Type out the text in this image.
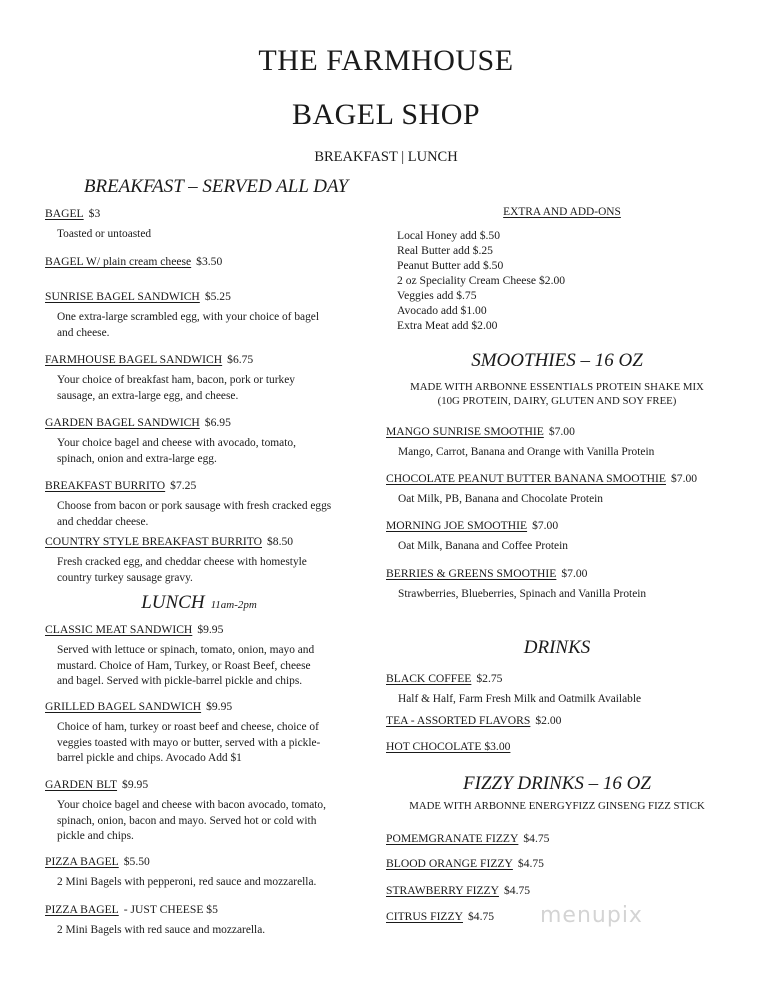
THE FARMHOUSE
BAGEL SHOP
BREAKFAST | LUNCH
BREAKFAST – SERVED ALL DAY
LUNCH 11am-2pm
EXTRA AND ADD-ONS
SMOOTHIES – 16 OZ
DRINKS
FIZZY DRINKS – 16 OZ
menupix
BAGEL $3
Toasted or untoasted
BAGEL W/ plain cream cheese $3.50
SUNRISE BAGEL SANDWICH $5.25
One extra-large scrambled egg, with your choice of bagel
and cheese.
FARMHOUSE BAGEL SANDWICH $6.75
Your choice of breakfast ham, bacon, pork or turkey
sausage, an extra-large egg, and cheese.
GARDEN BAGEL SANDWICH $6.95
Your choice bagel and cheese with avocado, tomato,
spinach, onion and extra-large egg.
BREAKFAST BURRITO $7.25
Choose from bacon or pork sausage with fresh cracked eggs
and cheddar cheese.
COUNTRY STYLE BREAKFAST BURRITO $8.50
Fresh cracked egg, and cheddar cheese with homestyle
country turkey sausage gravy.
CLASSIC MEAT SANDWICH $9.95
Served with lettuce or spinach, tomato, onion, mayo and
mustard. Choice of Ham, Turkey, or Roast Beef, cheese
and bagel. Served with pickle-barrel pickle and chips.
GRILLED BAGEL SANDWICH $9.95
Choice of ham, turkey or roast beef and cheese, choice of
veggies toasted with mayo or butter, served with a pickle-
barrel pickle and chips. Avocado Add $1
GARDEN BLT $9.95
Your choice bagel and cheese with bacon avocado, tomato,
spinach, onion, bacon and mayo. Served hot or cold with
pickle and chips.
PIZZA BAGEL $5.50
2 Mini Bagels with pepperoni, red sauce and mozzarella.
PIZZA BAGEL - JUST CHEESE $5
2 Mini Bagels with red sauce and mozzarella.
MANGO SUNRISE SMOOTHIE $7.00
Mango, Carrot, Banana and Orange with Vanilla Protein
CHOCOLATE PEANUT BUTTER BANANA SMOOTHIE $7.00
Oat Milk, PB, Banana and Chocolate Protein
MORNING JOE SMOOTHIE $7.00
Oat Milk, Banana and Coffee Protein
BERRIES & GREENS SMOOTHIE $7.00
Strawberries, Blueberries, Spinach and Vanilla Protein
BLACK COFFEE $2.75
Half & Half, Farm Fresh Milk and Oatmilk Available
TEA - ASSORTED FLAVORS $2.00
HOT CHOCOLATE $3.00
POMEMGRANATE FIZZY $4.75
BLOOD ORANGE FIZZY $4.75
STRAWBERRY FIZZY $4.75
CITRUS FIZZY $4.75
Local Honey add $.50
Real Butter add $.25
Peanut Butter add $.50
2 oz Speciality Cream Cheese $2.00
Veggies add $.75
Avocado add $1.00
Extra Meat add $2.00
MADE WITH ARBONNE ESSENTIALS PROTEIN SHAKE MIX
(10G PROTEIN, DAIRY, GLUTEN AND SOY FREE)
MADE WITH ARBONNE ENERGYFIZZ GINSENG FIZZ STICK
